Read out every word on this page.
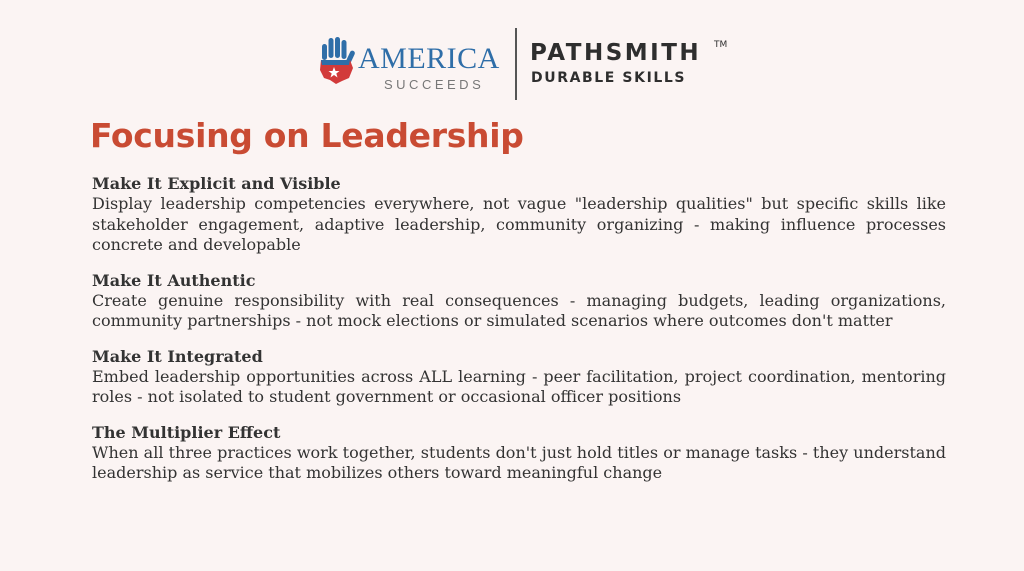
AMERICA
SUCCEEDS
PATHSMITH TM
DURABLE SKILLS
Focusing on Leadership

Make It Explicit and Visible

Display leadership competencies everywhere, not vague "leadership qualities" but specific skills like stakeholder engagement, adaptive leadership, community organizing - making influence processes concrete and developable

Make It Authentic

Create genuine responsibility with real consequences - managing budgets, leading organizations, community partnerships - not mock elections or simulated scenarios where outcomes don't matter

Make It Integrated

Embed leadership opportunities across ALL learning - peer facilitation, project coordination, mentoring roles - not isolated to student government or occasional officer positions

The Multiplier Effect

When all three practices work together, students don't just hold titles or manage tasks - they understand leadership as service that mobilizes others toward meaningful change
